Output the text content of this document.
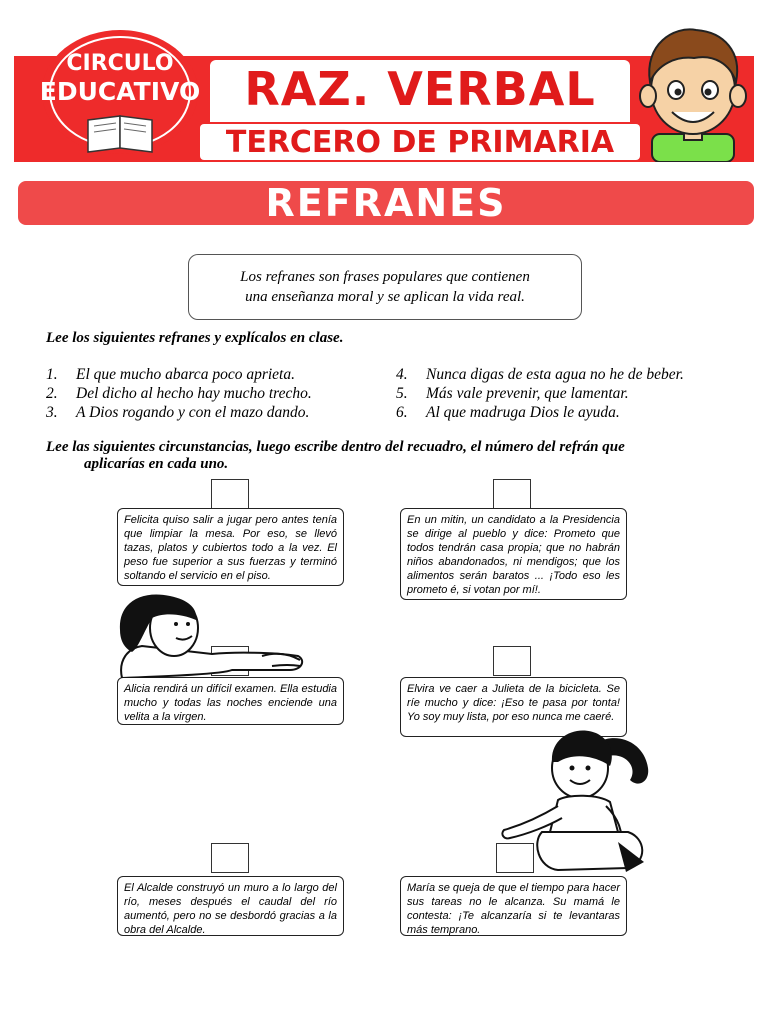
CIRCULO
EDUCATIVO RAZ. VERBAL
TERCERO DE PRIMARIA
REFRANES
Los refranes son frases populares que contienen
una enseñanza moral y se aplican la vida real.
Lee los siguientes refranes y explícalos en clase.
1. El que mucho abarca poco aprieta.
2. Del dicho al hecho hay mucho trecho.
3. A Dios rogando y con el mazo dando.
4. Nunca digas de esta agua no he de beber.
5. Más vale prevenir, que lamentar.
6. Al que madruga Dios le ayuda.
Lee las siguientes circunstancias, luego escribe dentro del recuadro, el número del refrán que
aplicarías en cada uno.
Felicita quiso salir a jugar pero antes tenía que limpiar la mesa. Por eso, se llevó tazas, platos y cubiertos todo a la vez. El peso fue superior a sus fuerzas y terminó soltando el servicio en el piso.
En un mitin, un candidato a la Presidencia se dirige al pueblo y dice: Prometo que todos tendrán casa propia; que no habrán niños abandonados, ni mendigos; que los alimentos serán baratos ... ¡Todo eso les prometo é, si votan por mí!.
Alicia rendirá un difícil examen. Ella estudia mucho y todas las noches enciende una velita a la virgen.
Elvira ve caer a Julieta de la bicicleta. Se ríe mucho y dice: ¡Eso te pasa por tonta! Yo soy muy lista, por eso nunca me caeré.
El Alcalde construyó un muro a lo largo del río, meses después el caudal del río aumentó, pero no se desbordó gracias a la obra del Alcalde.
María se queja de que el tiempo para hacer sus tareas no le alcanza. Su mamá le contesta: ¡Te alcanzaría si te levantaras más temprano.
